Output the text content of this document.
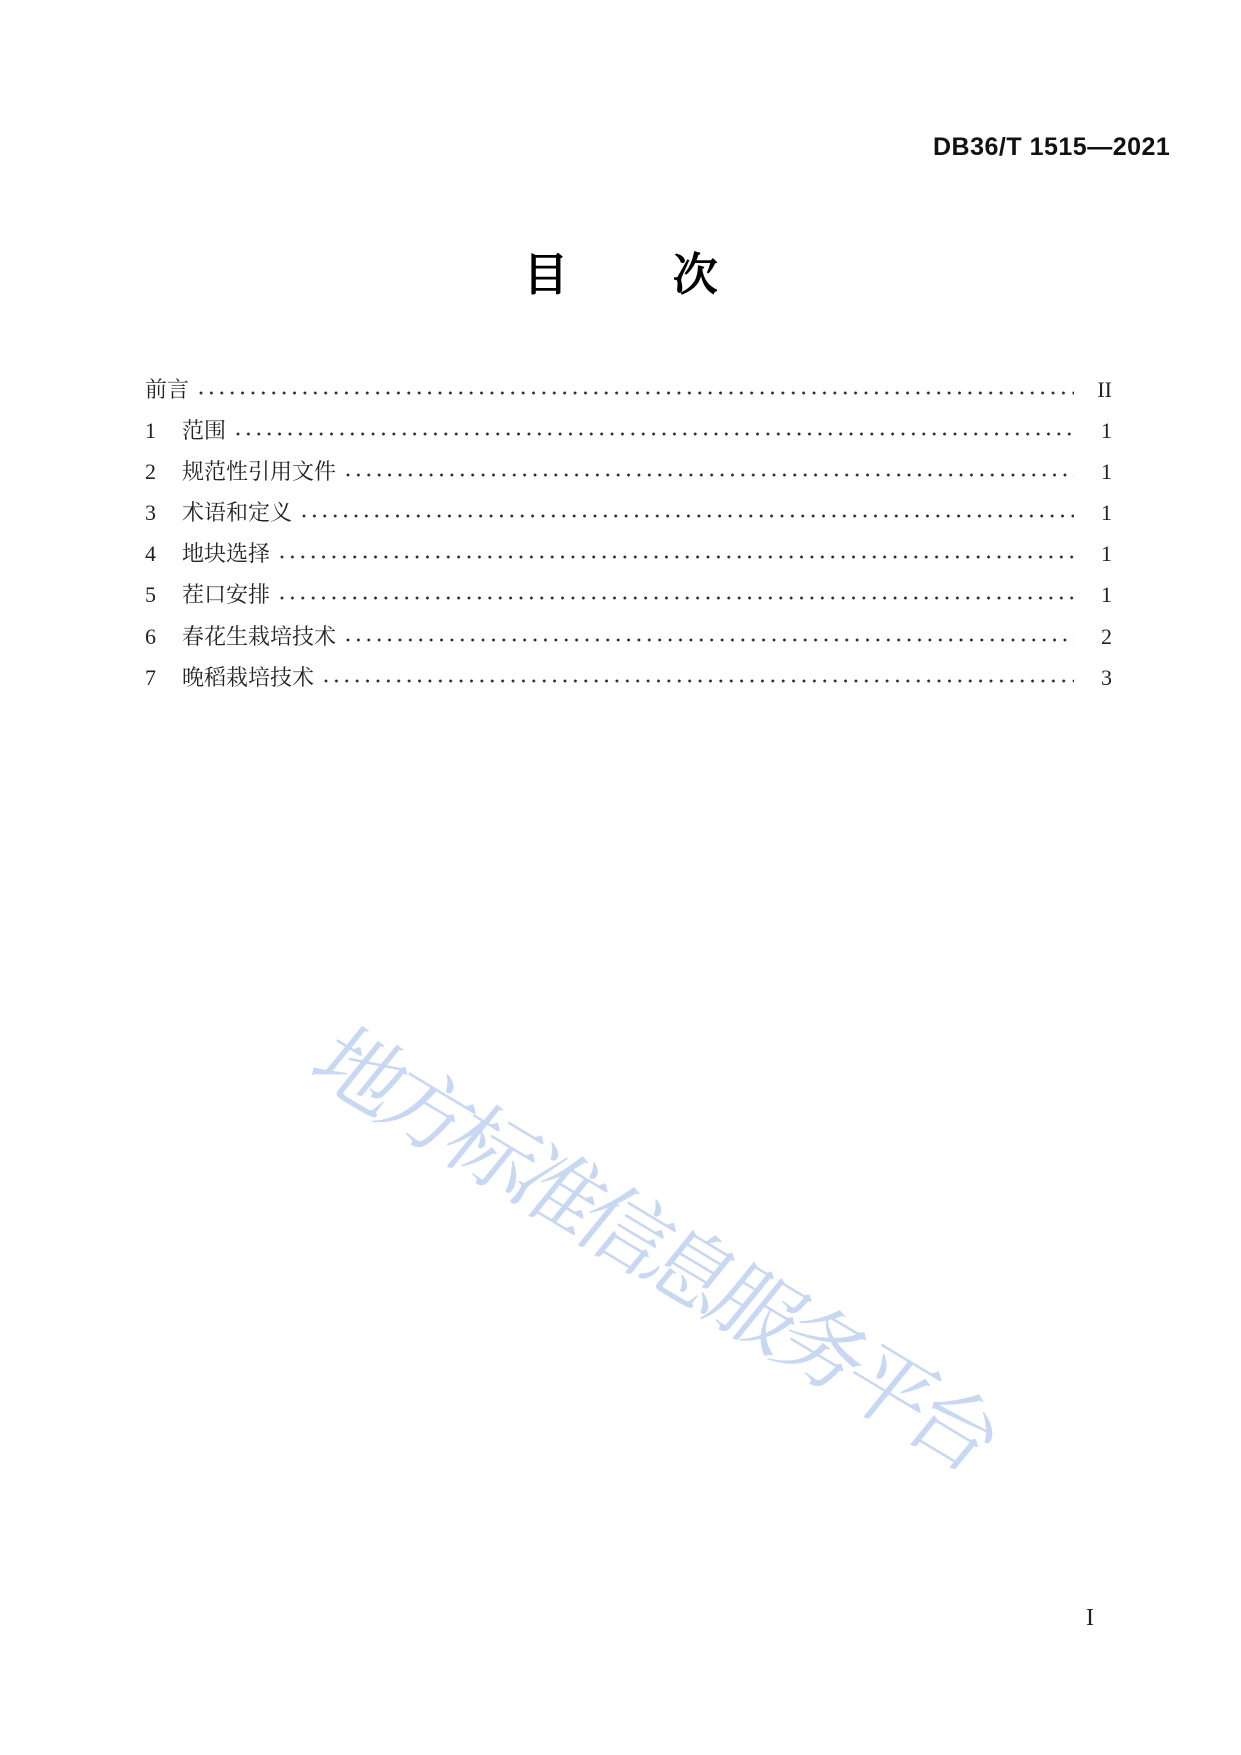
DB36/T 1515—2021
目 次
前言	II
1	范围	1
2	规范性引用文件	1
3	术语和定义	1
4	地块选择	1
5	茬口安排	1
6	春花生栽培技术	2
7	晚稻栽培技术	3
地方标准信息服务平台
I
